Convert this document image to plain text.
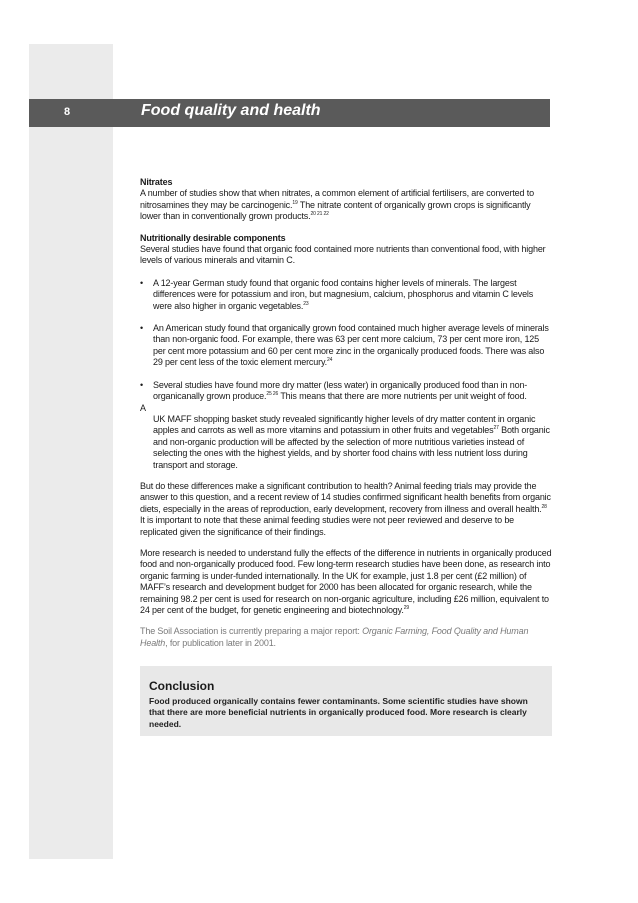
8	Food quality and health

Nitrates

A number of studies show that when nitrates, a common element of artificial fertilisers, are converted to nitrosamines they may be carcinogenic.$^{19}$ The nitrate content of organically grown crops is significantly lower than in conventionally grown products.$^{20 21 22}$

Nutritionally desirable components

Several studies have found that organic food contained more nutrients than conventional food, with higher levels of various minerals and vitamin C.

• A 12-year German study found that organic food contains higher levels of minerals. The largest differences were for potassium and iron, but magnesium, calcium, phosphorus and vitamin C levels were also higher in organic vegetables.$^{23}$

• An American study found that organically grown food contained much higher average levels of minerals than non-organic food. For example, there was 63 per cent more calcium, 73 per cent more iron, 125 per cent more potassium and 60 per cent more zinc in the organically produced foods. There was also 29 per cent less of the toxic element mercury.$^{24}$

• Several studies have found more dry matter (less water) in organically produced food than in non-organicanally grown produce.$^{25 26}$ This means that there are more nutrients per unit weight of food.

A

UK MAFF shopping basket study revealed significantly higher levels of dry matter content in organic apples and carrots as well as more vitamins and potassium in other fruits and vegetables$^{27}$ Both organic and non-organic production will be affected by the selection of more nutritious varieties instead of selecting the ones with the highest yields, and by shorter food chains with less nutrient loss during transport and storage.

But do these differences make a significant contribution to health? Animal feeding trials may provide the answer to this question, and a recent review of 14 studies confirmed significant health benefits from organic diets, especially in the areas of reproduction, early development, recovery from illness and overall health.$^{28}$ It is important to note that these animal feeding studies were not peer reviewed and deserve to be replicated given the significance of their findings.

More research is needed to understand fully the effects of the difference in nutrients in organically produced food and non-organically produced food. Few long-term research studies have been done, as research into organic farming is under-funded internationally. In the UK for example, just 1.8 per cent (£2 million) of MAFF’s research and development budget for 2000 has been allocated for organic research, while the remaining 98.2 per cent is used for research on non-organic agriculture, including £26 million, equivalent to 24 per cent of the budget, for genetic engineering and biotechnology.$^{29}$

The Soil Association is currently preparing a major report: Organic Farming, Food Quality and Human Health, for publication later in 2001.

Conclusion
Food produced organically contains fewer contaminants. Some scientific studies have shown that there are more beneficial nutrients in organically produced food. More research is clearly needed.
